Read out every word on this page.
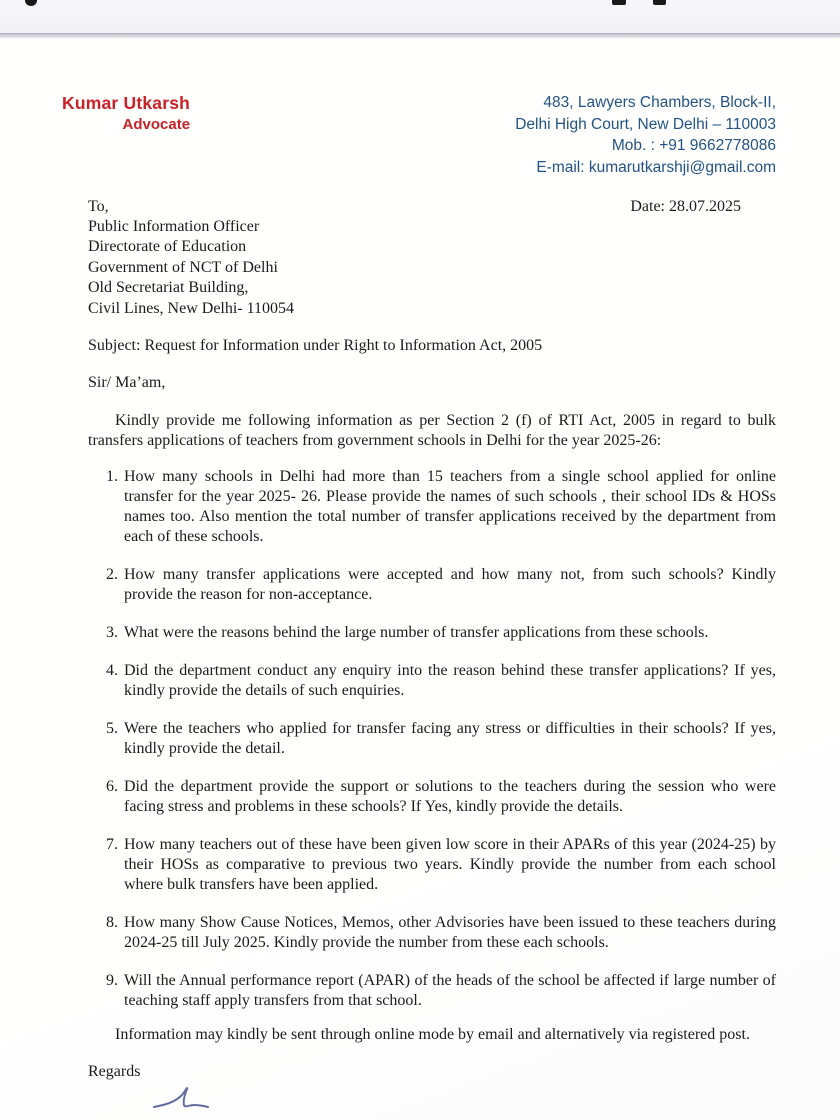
Kumar Utkarsh
Advocate
483, Lawyers Chambers, Block-II,
Delhi High Court, New Delhi – 110003
Mob. : +91 9662778086
E-mail: kumarutkarshji@gmail.com
To,	Date: 28.07.2025
Public Information Officer
Directorate of Education
Government of NCT of Delhi
Old Secretariat Building,
Civil Lines, New Delhi- 110054
Subject: Request for Information under Right to Information Act, 2005
Sir/ Ma’am,

Kindly provide me following information as per Section 2 (f) of RTI Act, 2005 in regard to bulk transfers applications of teachers from government schools in Delhi for the year 2025-26:

1. How many schools in Delhi had more than 15 teachers from a single school applied for online transfer for the year 2025- 26. Please provide the names of such schools , their school IDs & HOSs names too. Also mention the total number of transfer applications received by the department from each of these schools.
2. How many transfer applications were accepted and how many not, from such schools? Kindly provide the reason for non-acceptance.
3. What were the reasons behind the large number of transfer applications from these schools.
4. Did the department conduct any enquiry into the reason behind these transfer applications? If yes, kindly provide the details of such enquiries.
5. Were the teachers who applied for transfer facing any stress or difficulties in their schools? If yes, kindly provide the detail.
6. Did the department provide the support or solutions to the teachers during the session who were facing stress and problems in these schools? If Yes, kindly provide the details.
7. How many teachers out of these have been given low score in their APARs of this year (2024-25) by their HOSs as comparative to previous two years. Kindly provide the number from each school where bulk transfers have been applied.
8. How many Show Cause Notices, Memos, other Advisories have been issued to these teachers during 2024-25 till July 2025. Kindly provide the number from these each schools.
9. Will the Annual performance report (APAR) of the heads of the school be affected if large number of teaching staff apply transfers from that school.

Information may kindly be sent through online mode by email and alternatively via registered post.

Regards
